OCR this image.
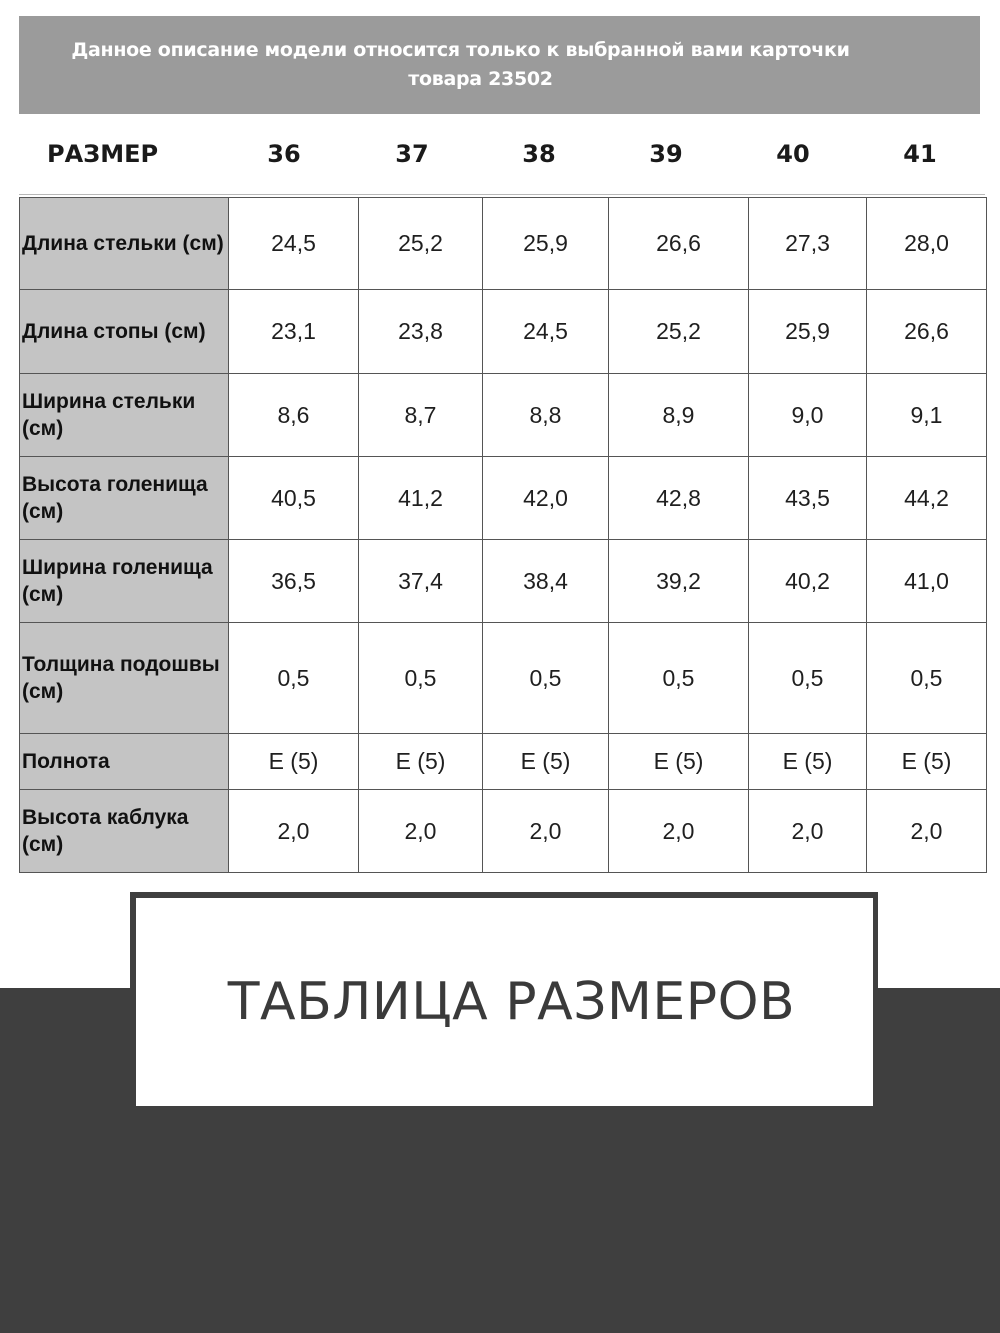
Данное описание модели относится только к выбранной вами карточки
товара 23502
РАЗМЕР	36	37	38	39	40	41
Длина стельки (см)	24,5	25,2	25,9	26,6	27,3	28,0
Длина стопы (см)	23,1	23,8	24,5	25,2	25,9	26,6
Ширина стельки (см)	8,6	8,7	8,8	8,9	9,0	9,1
Высота голенища (см)	40,5	41,2	42,0	42,8	43,5	44,2
Ширина голенища (см)	36,5	37,4	38,4	39,2	40,2	41,0
Толщина подошвы (см)	0,5	0,5	0,5	0,5	0,5	0,5
Полнота	E (5)	E (5)	E (5)	E (5)	E (5)	E (5)
Высота каблука (см)	2,0	2,0	2,0	2,0	2,0	2,0
ТАБЛИЦА РАЗМЕРОВ
